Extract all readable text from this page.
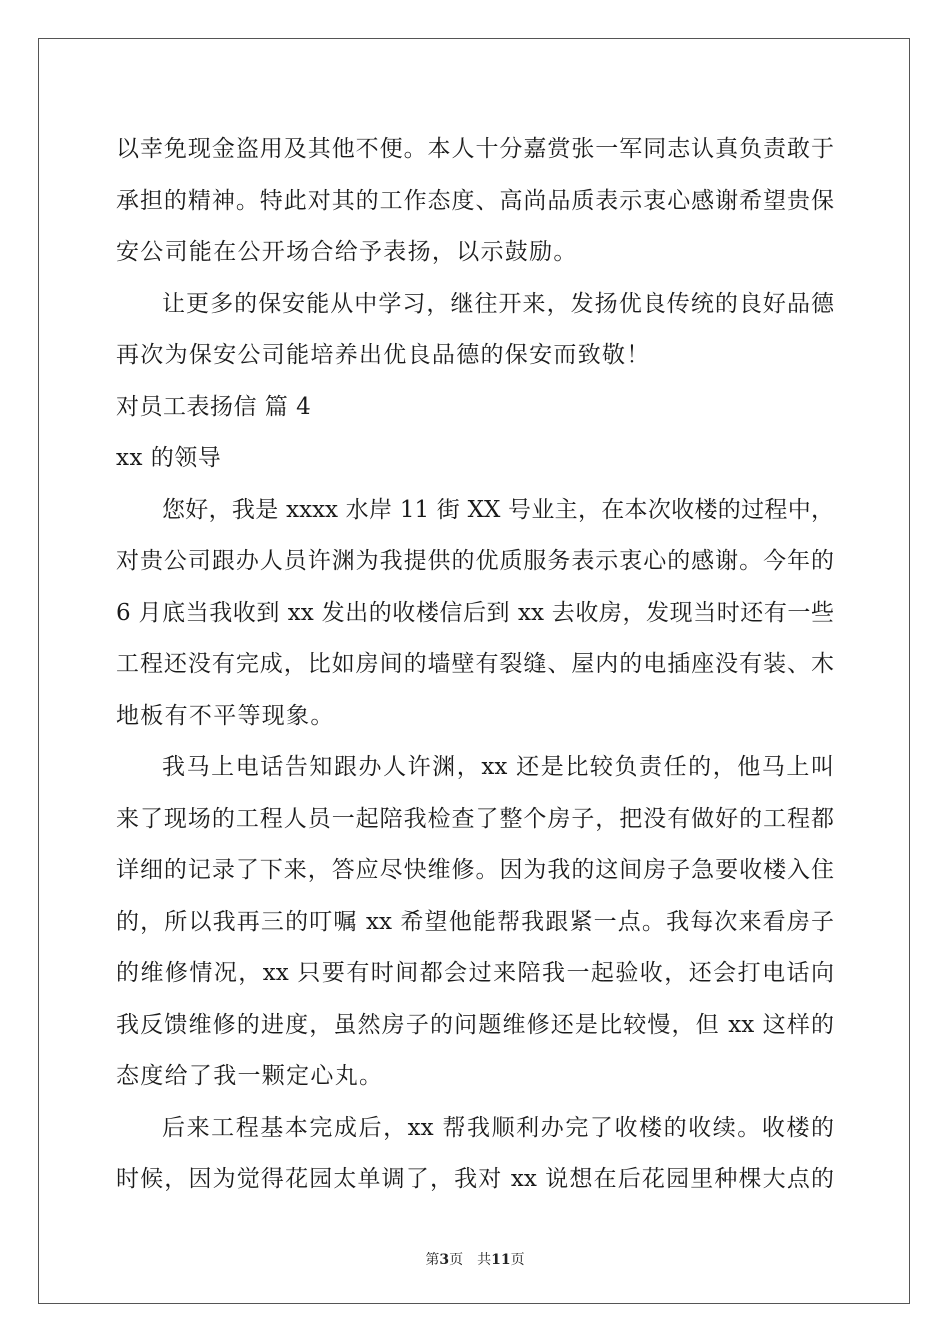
以幸免现金盗用及其他不便。本人十分嘉赏张一军同志认真负责敢于
承担的精神。特此对其的工作态度、高尚品质表示衷心感谢希望贵保
安公司能在公开场合给予表扬，以示鼓励。
让更多的保安能从中学习，继往开来，发扬优良传统的良好品德
再次为保安公司能培养出优良品德的保安而致敬！
对员工表扬信 篇 4
xx 的领导
您好，我是 xxxx 水岸 11 街 XX 号业主，在本次收楼的过程中，
对贵公司跟办人员许渊为我提供的优质服务表示衷心的感谢。今年的
6 月底当我收到 xx 发出的收楼信后到 xx 去收房，发现当时还有一些
工程还没有完成，比如房间的墙壁有裂缝、屋内的电插座没有装、木
地板有不平等现象。
我马上电话告知跟办人许渊，xx 还是比较负责任的，他马上叫
来了现场的工程人员一起陪我检查了整个房子，把没有做好的工程都
详细的记录了下来，答应尽快维修。因为我的这间房子急要收楼入住
的，所以我再三的叮嘱 xx 希望他能帮我跟紧一点。我每次来看房子
的维修情况，xx 只要有时间都会过来陪我一起验收，还会打电话向
我反馈维修的进度，虽然房子的问题维修还是比较慢，但 xx 这样的
态度给了我一颗定心丸。
后来工程基本完成后，xx 帮我顺利办完了收楼的收续。收楼的
时候，因为觉得花园太单调了，我对 xx 说想在后花园里种棵大点的
第3页 共11页
